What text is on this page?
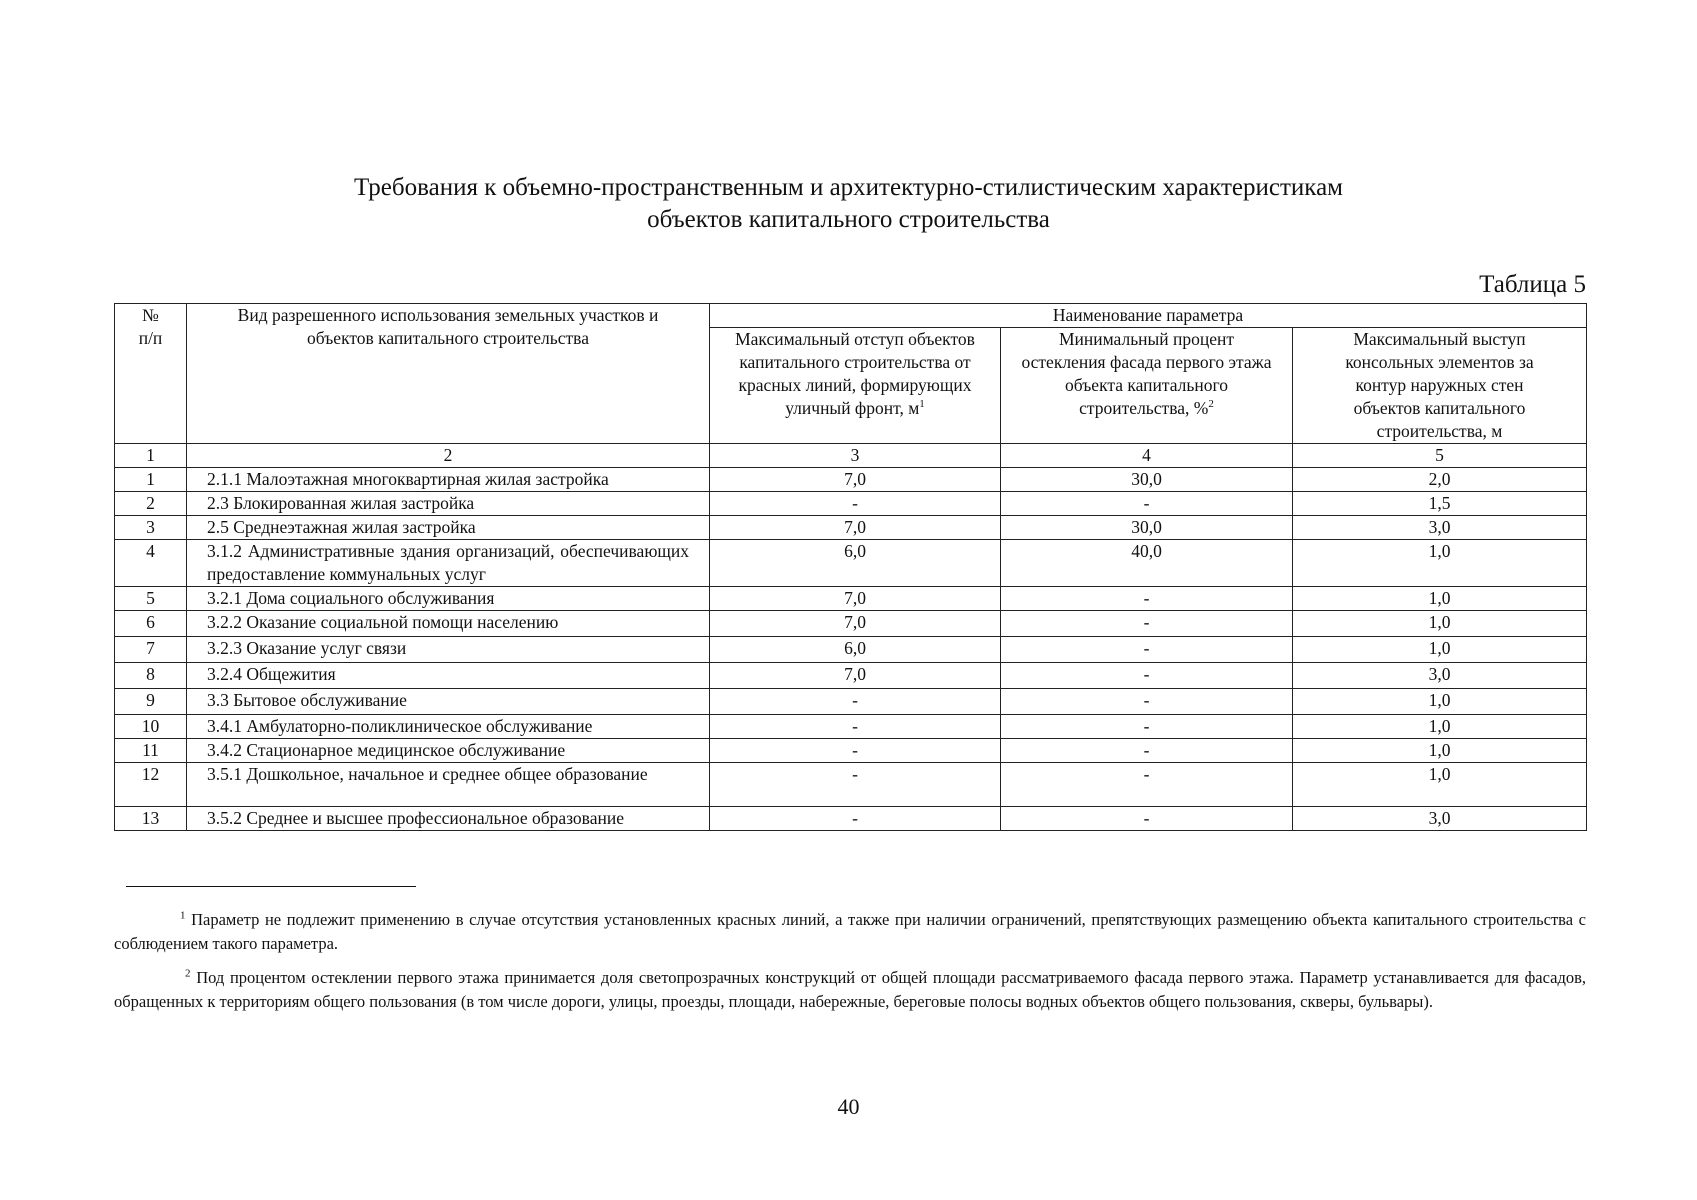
Требования к объемно-пространственным и архитектурно-стилистическим характеристикам
объектов капитального строительства
Таблица 5
№
п/п	Вид разрешенного использования земельных участков и объектов капитального строительства	Наименование параметра		
		Максимальный отступ объектов капитального строительства от красных линий, формирующих уличный фронт, $м^1$	Минимальный процент остекления фасада первого этажа объекта капитального строительства, %$^2$	Максимальный выступ консольных элементов за контур наружных стен объектов капитального строительства, м
1	2	3	4	5
1	2.1.1 Малоэтажная многоквартирная жилая застройка	7,0	30,0	2,0
2	2.3 Блокированная жилая застройка	-	-	1,5
3	2.5 Среднеэтажная жилая застройка	7,0	30,0	3,0
4	3.1.2 Административные здания организаций, обеспечивающих предоставление коммунальных услуг	6,0	40,0	1,0
5	3.2.1 Дома социального обслуживания	7,0	-	1,0
6	3.2.2 Оказание социальной помощи населению	7,0	-	1,0
7	3.2.3 Оказание услуг связи	6,0	-	1,0
8	3.2.4 Общежития	7,0	-	3,0
9	3.3 Бытовое обслуживание	-	-	1,0
10	3.4.1 Амбулаторно-поликлиническое обслуживание	-	-	1,0
11	3.4.2 Стационарное медицинское обслуживание	-	-	1,0
12	3.5.1 Дошкольное, начальное и среднее общее образование	-	-	1,0
13	3.5.2 Среднее и высшее профессиональное образование	-	-	3,0
$^1$ Параметр не подлежит применению в случае отсутствия установленных красных линий, а также при наличии ограничений, препятствующих размещению объекта капитального строительства с соблюдением такого параметра.
$^2$ Под процентом остеклении первого этажа принимается доля светопрозрачных конструкций от общей площади рассматриваемого фасада первого этажа. Параметр устанавливается для фасадов, обращенных к территориям общего пользования (в том числе дороги, улицы, проезды, площади, набережные, береговые полосы водных объектов общего пользования, скверы, бульвары).
40
